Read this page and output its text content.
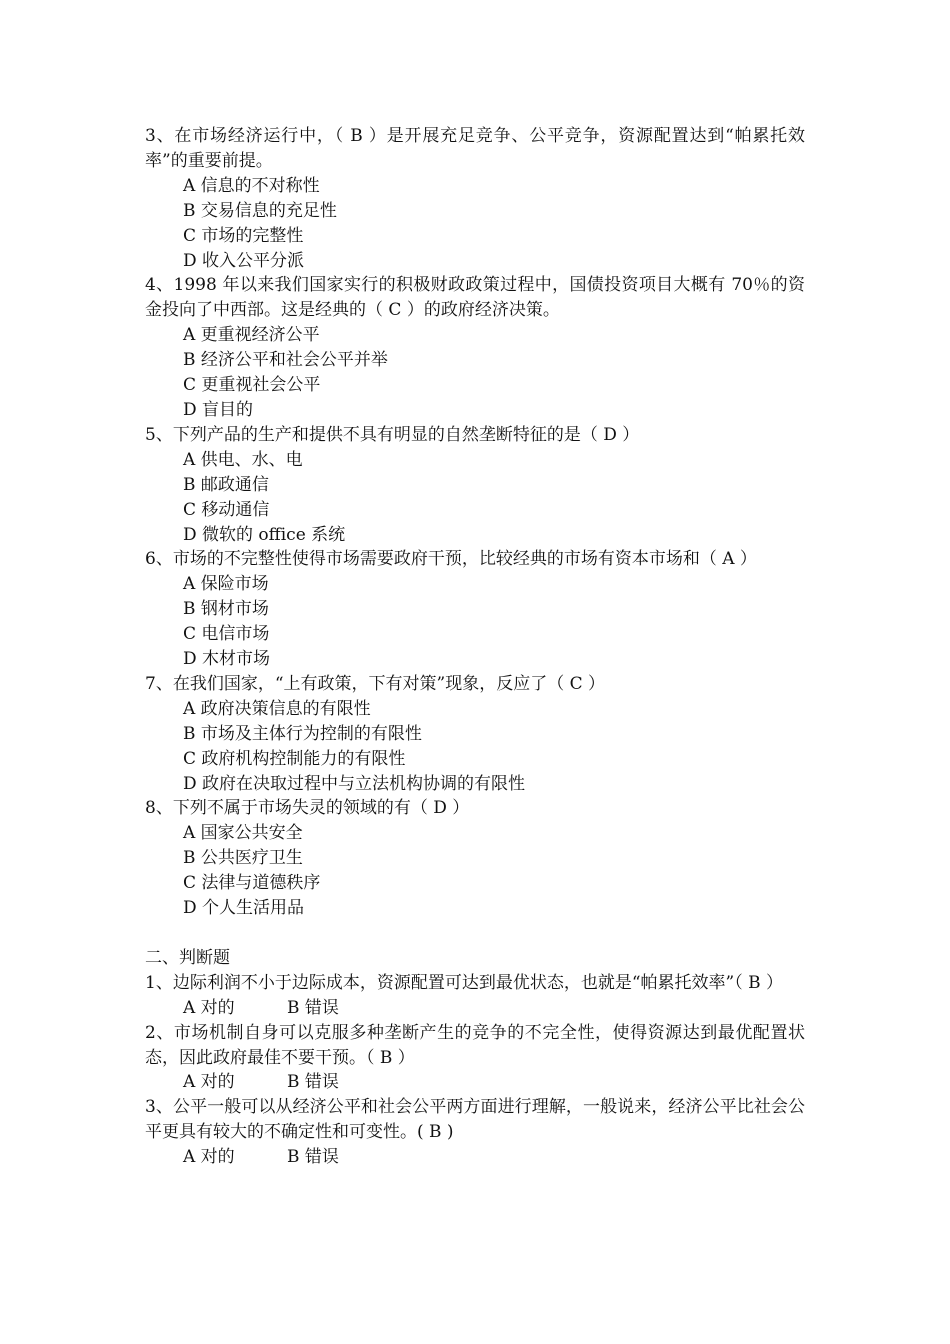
3、在市场经济运行中，（ B ）是开展充足竞争、公平竞争，资源配置达到“帕累托效率”的重要前提。

A 信息的不对称性

B 交易信息的充足性

C 市场的完整性

D 收入公平分派

4、1998 年以来我们国家实行的积极财政政策过程中，国债投资项目大概有 70％的资金投向了中西部。这是经典的（ C ）的政府经济决策。

A 更重视经济公平

B 经济公平和社会公平并举

C 更重视社会公平

D 盲目的

5、下列产品的生产和提供不具有明显的自然垄断特征的是（ D ）

A 供电、水、电

B 邮政通信

C 移动通信

D 微软的 office 系统

6、市场的不完整性使得市场需要政府干预，比较经典的市场有资本市场和（ A ）

A 保险市场

B 钢材市场

C 电信市场

D 木材市场

7、在我们国家，“上有政策，下有对策”现象，反应了（ C ）

A 政府决策信息的有限性

B 市场及主体行为控制的有限性

C 政府机构控制能力的有限性

D 政府在决取过程中与立法机构协调的有限性

8、下列不属于市场失灵的领域的有（ D ）

A 国家公共安全

B 公共医疗卫生

C 法律与道德秩序

D 个人生活用品

二、判断题

1、边际利润不小于边际成本，资源配置可达到最优状态，也就是“帕累托效率”（ B ）

A 对的	B 错误

2、市场机制自身可以克服多种垄断产生的竞争的不完全性，使得资源达到最优配置状态，因此政府最佳不要干预。（ B ）

A 对的	B 错误

3、公平一般可以从经济公平和社会公平两方面进行理解，一般说来，经济公平比社会公平更具有较大的不确定性和可变性。( B )

A 对的	B 错误
